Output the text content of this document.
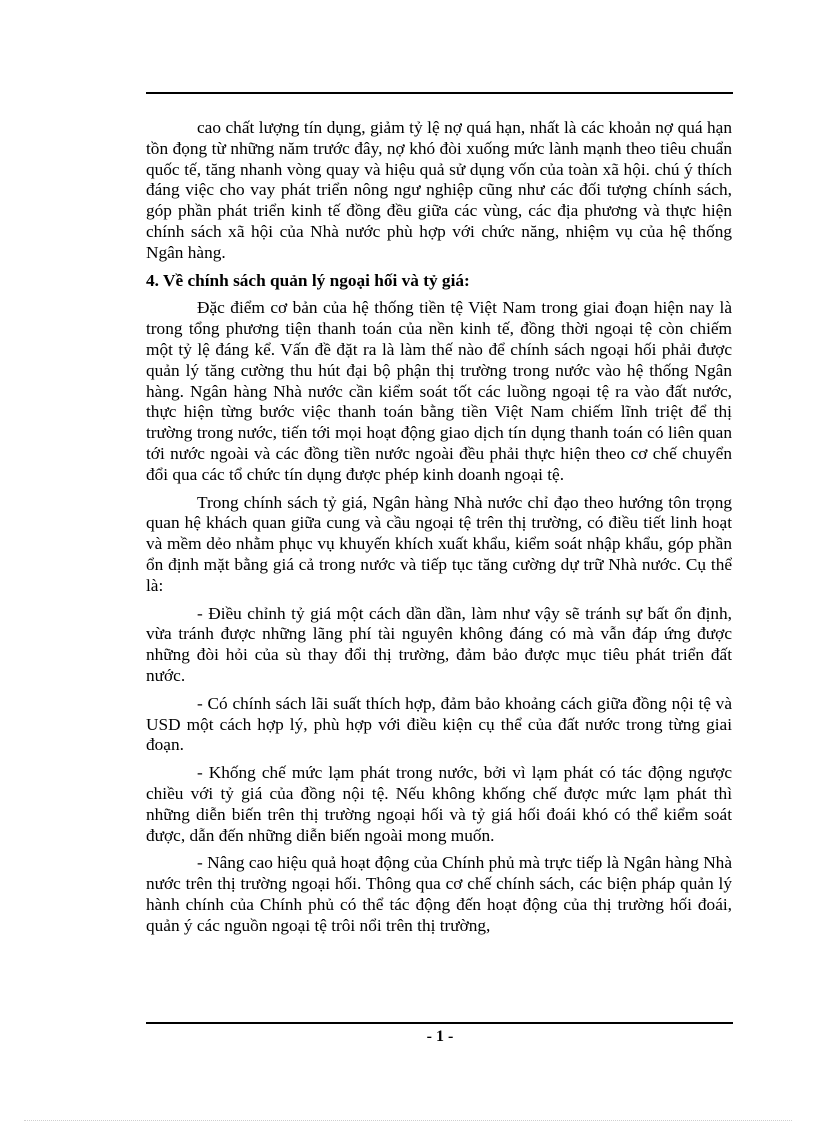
cao chất lượng tín dụng, giảm tỷ lệ nợ quá hạn, nhất là các khoản nợ quá hạn tồn đọng từ những năm trước đây, nợ khó đòi xuống mức lành mạnh theo tiêu chuẩn quốc tế, tăng nhanh vòng quay và hiệu quả sử dụng vốn của toàn xã hội. chú ý thích đáng việc cho vay phát triển nông ngư nghiệp cũng như các đối tượng chính sách, góp phần phát triển kinh tế đồng đều giữa các vùng, các địa phương và thực hiện chính sách xã hội của Nhà nước phù hợp với chức năng, nhiệm vụ của hệ thống Ngân hàng.

4. Về chính sách quản lý ngoại hối và tỷ giá:

Đặc điểm cơ bản của hệ thống tiền tệ Việt Nam trong giai đoạn hiện nay là trong tổng phương tiện thanh toán của nền kinh tế, đồng thời ngoại tệ còn chiếm một tỷ lệ đáng kể. Vấn đề đặt ra là làm thế nào để chính sách ngoại hối phải được quản lý tăng cường thu hút đại bộ phận thị trường trong nước vào hệ thống Ngân hàng. Ngân hàng Nhà nước cần kiểm soát tốt các luồng ngoại tệ ra vào đất nước, thực hiện từng bước việc thanh toán bằng tiền Việt Nam chiếm lĩnh triệt để thị trường trong nước, tiến tới mọi hoạt động giao dịch tín dụng thanh toán có liên quan tới nước ngoài và các đồng tiền nước ngoài đều phải thực hiện theo cơ chế chuyển đổi qua các tổ chức tín dụng được phép kinh doanh ngoại tệ.

Trong chính sách tỷ giá, Ngân hàng Nhà nước chỉ đạo theo hướng tôn trọng quan hệ khách quan giữa cung và cầu ngoại tệ trên thị trường, có điều tiết linh hoạt và mềm dẻo nhằm phục vụ khuyến khích xuất khẩu, kiểm soát nhập khẩu, góp phần ổn định mặt bằng giá cả trong nước và tiếp tục tăng cường dự trữ Nhà nước. Cụ thể là:

- Điều chỉnh tỷ giá một cách dần dần, làm như vậy sẽ tránh sự bất ổn định, vừa tránh được những lãng phí tài nguyên không đáng có mà vẫn đáp ứng được những đòi hỏi của sù thay đổi thị trường, đảm bảo được mục tiêu phát triển đất nước.

- Có chính sách lãi suất thích hợp, đảm bảo khoảng cách giữa đồng nội tệ và USD một cách hợp lý, phù hợp với điều kiện cụ thể của đất nước trong từng giai đoạn.

- Khống chế mức lạm phát trong nước, bởi vì lạm phát có tác động ngược chiều với tỷ giá của đồng nội tệ. Nếu không khống chế được mức lạm phát thì những diễn biến trên thị trường ngoại hối và tỷ giá hối đoái khó có thể kiểm soát được, dẫn đến những diễn biến ngoài mong muốn.

- Nâng cao hiệu quả hoạt động của Chính phủ mà trực tiếp là Ngân hàng Nhà nước trên thị trường ngoại hối. Thông qua cơ chế chính sách, các biện pháp quản lý hành chính của Chính phủ có thể tác động đến hoạt động của thị trường hối đoái, quản ý các nguồn ngoại tệ trôi nổi trên thị trường,

- 1 -
